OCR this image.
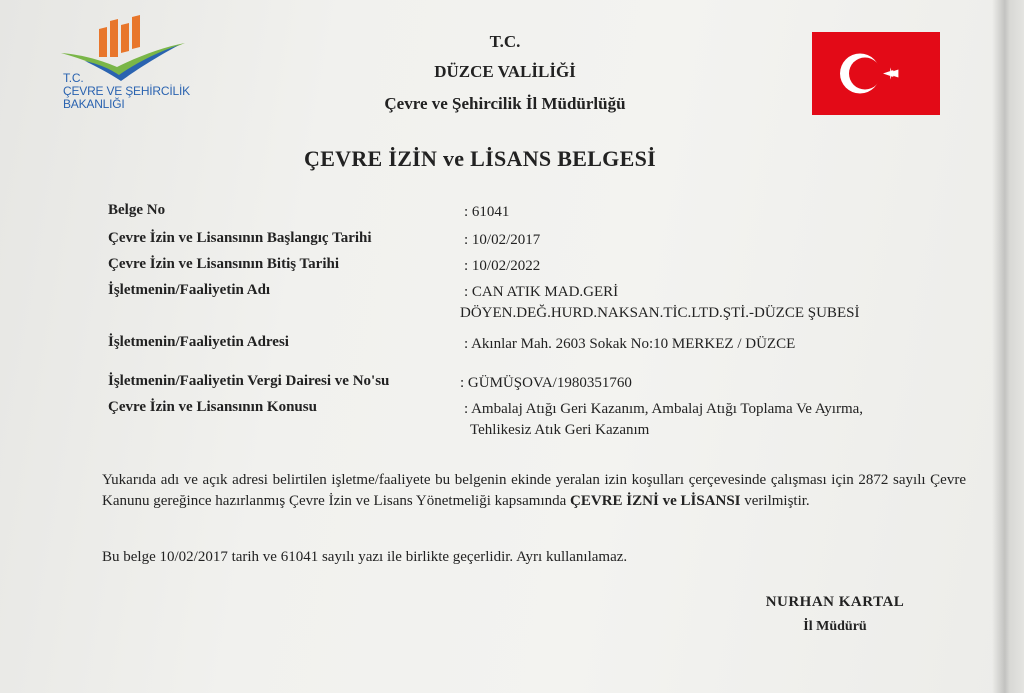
T.C.
ÇEVRE VE ŞEHİRCİLİK
BAKANLIĞI
T.C.
DÜZCE VALİLİĞİ
Çevre ve Şehircilik İl Müdürlüğü
ÇEVRE İZİN ve LİSANS BELGESİ
Belge No	: 61041
Çevre İzin ve Lisansının Başlangıç Tarihi	: 10/02/2017
Çevre İzin ve Lisansının Bitiş Tarihi	: 10/02/2022
İşletmenin/Faaliyetin Adı	: CAN ATIK MAD.GERİ
DÖYEN.DEĞ.HURD.NAKSAN.TİC.LTD.ŞTİ.-DÜZCE ŞUBESİ
İşletmenin/Faaliyetin Adresi	: Akınlar Mah. 2603 Sokak No:10 MERKEZ / DÜZCE
İşletmenin/Faaliyetin Vergi Dairesi ve No'su	: GÜMÜŞOVA/1980351760
Çevre İzin ve Lisansının Konusu	: Ambalaj Atığı Geri Kazanım, Ambalaj Atığı Toplama Ve Ayırma,
Tehlikesiz Atık Geri Kazanım
Yukarıda adı ve açık adresi belirtilen işletme/faaliyete bu belgenin ekinde yeralan izin koşulları çerçevesinde çalışması için 2872 sayılı Çevre Kanunu gereğince hazırlanmış Çevre İzin ve Lisans Yönetmeliği kapsamında ÇEVRE İZNİ ve LİSANSI verilmiştir.
Bu belge 10/02/2017 tarih ve 61041 sayılı yazı ile birlikte geçerlidir. Ayrı kullanılamaz.
NURHAN KARTAL
İl Müdürü
